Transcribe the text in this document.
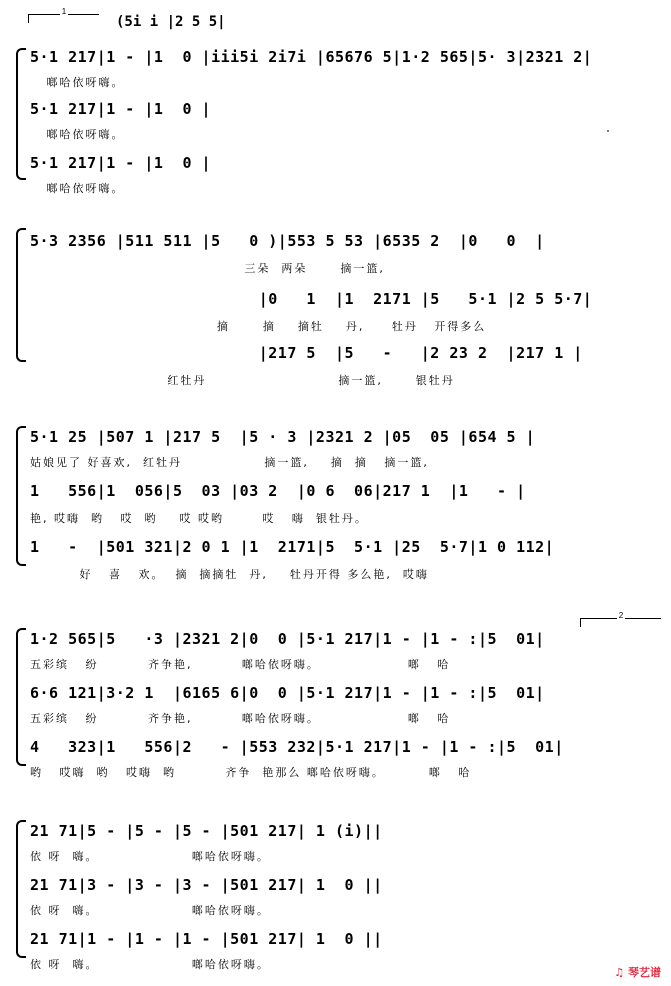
1
(5i i |2 5 5|
5·1 217|1 - |1  0 |iii5i 2i7i |65676 5|1·2 565|5· 3|2321 2|
啷哈依呀嗨。
5·1 217|1 - |1  0 |
啷哈依呀嗨。
5·1 217|1 - |1  0 |
啷哈依呀嗨。
5·3 2356 |511 511 |5   0 )|553 5 53 |6535 2  |0   0  |
三朵  两朵      摘一篮,
|0   1  |1  2171 |5   5·1 |2 5 5·7|
摘      摘    摘牡    丹,     牡丹   开得多么
|217 5  |5   -   |2 23 2  |217 1 |
红牡丹                        摘一篮,      银牡丹
5·1 25 |507 1 |217 5  |5 · 3 |2321 2 |05  05 |654 5 |
姑娘见了 好喜欢,  红牡丹               摘一篮,    摘  摘   摘一篮,
1   556|1  056|5  03 |03 2  |0 6  06|217 1  |1   - |
艳, 哎嗨  哟   哎  哟    哎 哎哟       哎   嗨  银牡丹。
1   -  |501 321|2 0 1 |1  2171|5  5·1 |25  5·7|1 0 112|
好   喜   欢。  摘  摘摘牡  丹,    牡丹开得 多么艳,  哎嗨
2
1·2 565|5   ·3 |2321 2|0  0 |5·1 217|1 - |1 - :|5  01|
五彩缤   纷         齐争艳,         啷哈依呀嗨。                啷   哈
6·6 121|3·2 1  |6165 6|0  0 |5·1 217|1 - |1 - :|5  01|
五彩缤   纷         齐争艳,         啷哈依呀嗨。                啷   哈
4   323|1   556|2   - |553 232|5·1 217|1 - |1 - :|5  01|
哟   哎嗨  哟   哎嗨  哟         齐争  艳那么 啷哈依呀嗨。        啷   哈
21 71|5 - |5 - |5 - |501 217| 1 (i)||
依 呀  嗨。                 啷哈依呀嗨。
21 71|3 - |3 - |3 - |501 217| 1  0 ||
依 呀  嗨。                 啷哈依呀嗨。
21 71|1 - |1 - |1 - |501 217| 1  0 ||
依 呀  嗨。                 啷哈依呀嗨。
♫ 琴艺谱
